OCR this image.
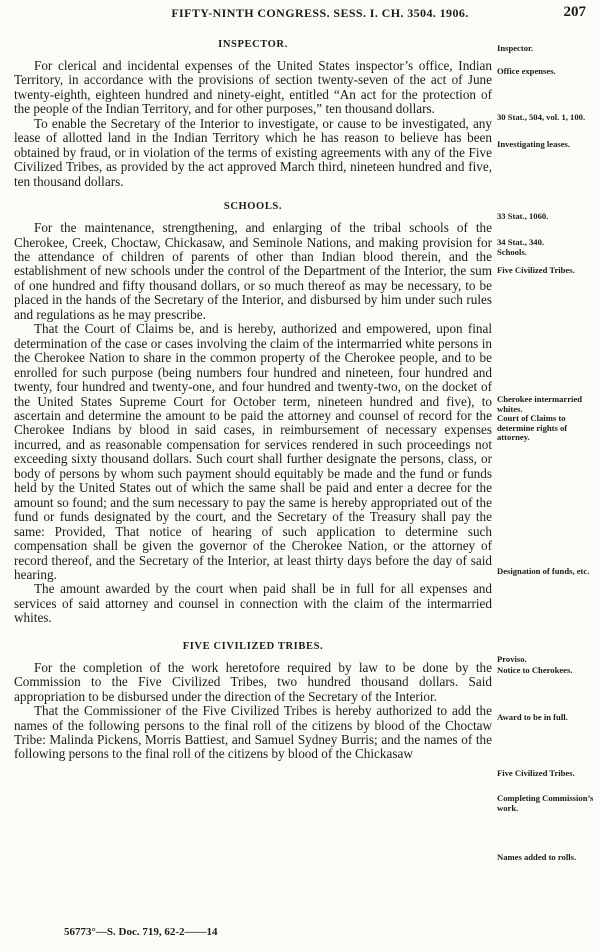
FIFTY-NINTH CONGRESS. SESS. I. CH. 3504. 1906.	207
INSPECTOR.

For clerical and incidental expenses of the United States inspector’s office, Indian Territory, in accordance with the provisions of section twenty-seven of the act of June twenty-eighth, eighteen hundred and ninety-eight, entitled “An act for the protection of the people of the Indian Territory, and for other purposes,” ten thousand dollars.

To enable the Secretary of the Interior to investigate, or cause to be investigated, any lease of allotted land in the Indian Territory which he has reason to believe has been obtained by fraud, or in violation of the terms of existing agreements with any of the Five Civilized Tribes, as provided by the act approved March third, nineteen hundred and five, ten thousand dollars.

SCHOOLS.

For the maintenance, strengthening, and enlarging of the tribal schools of the Cherokee, Creek, Choctaw, Chickasaw, and Seminole Nations, and making provision for the attendance of children of parents of other than Indian blood therein, and the establishment of new schools under the control of the Department of the Interior, the sum of one hundred and fifty thousand dollars, or so much thereof as may be necessary, to be placed in the hands of the Secretary of the Interior, and disbursed by him under such rules and regulations as he may prescribe.

That the Court of Claims be, and is hereby, authorized and empowered, upon final determination of the case or cases involving the claim of the intermarried white persons in the Cherokee Nation to share in the common property of the Cherokee people, and to be enrolled for such purpose (being numbers four hundred and nineteen, four hundred and twenty, four hundred and twenty-one, and four hundred and twenty-two, on the docket of the United States Supreme Court for October term, nineteen hundred and five), to ascertain and determine the amount to be paid the attorney and counsel of record for the Cherokee Indians by blood in said cases, in reimbursement of necessary expenses incurred, and as reasonable compensation for services rendered in such proceedings not exceeding sixty thousand dollars. Such court shall further designate the persons, class, or body of persons by whom such payment should equitably be made and the fund or funds held by the United States out of which the same shall be paid and enter a decree for the amount so found; and the sum necessary to pay the same is hereby appropriated out of the fund or funds designated by the court, and the Secretary of the Treasury shall pay the same: Provided, That notice of hearing of such application to determine such compensation shall be given the governor of the Cherokee Nation, or the attorney of record thereof, and the Secretary of the Interior, at least thirty days before the day of said hearing.

The amount awarded by the court when paid shall be in full for all expenses and services of said attorney and counsel in connection with the claim of the intermarried whites.

FIVE CIVILIZED TRIBES.

For the completion of the work heretofore required by law to be done by the Commission to the Five Civilized Tribes, two hundred thousand dollars. Said appropriation to be disbursed under the direction of the Secretary of the Interior.

That the Commissioner of the Five Civilized Tribes is hereby authorized to add the names of the following persons to the final roll of the citizens by blood of the Choctaw Tribe: Malinda Pickens, Morris Battiest, and Samuel Sydney Burris; and the names of the following persons to the final roll of the citizens by blood of the Chickasaw

Inspector.
Office expenses.
30 Stat., 504, vol. 1, 100.
Investigating leases.
33 Stat., 1060.
34 Stat., 340.
Schools.
Five Civilized Tribes.
Cherokee intermarried whites.
Court of Claims to determine rights of attorney.
Designation of funds, etc.
Proviso.
Notice to Cherokees.
Award to be in full.
Five Civilized Tribes.
Completing Commission’s work.
Names added to rolls.
56773°—S. Doc. 719, 62-2——14
